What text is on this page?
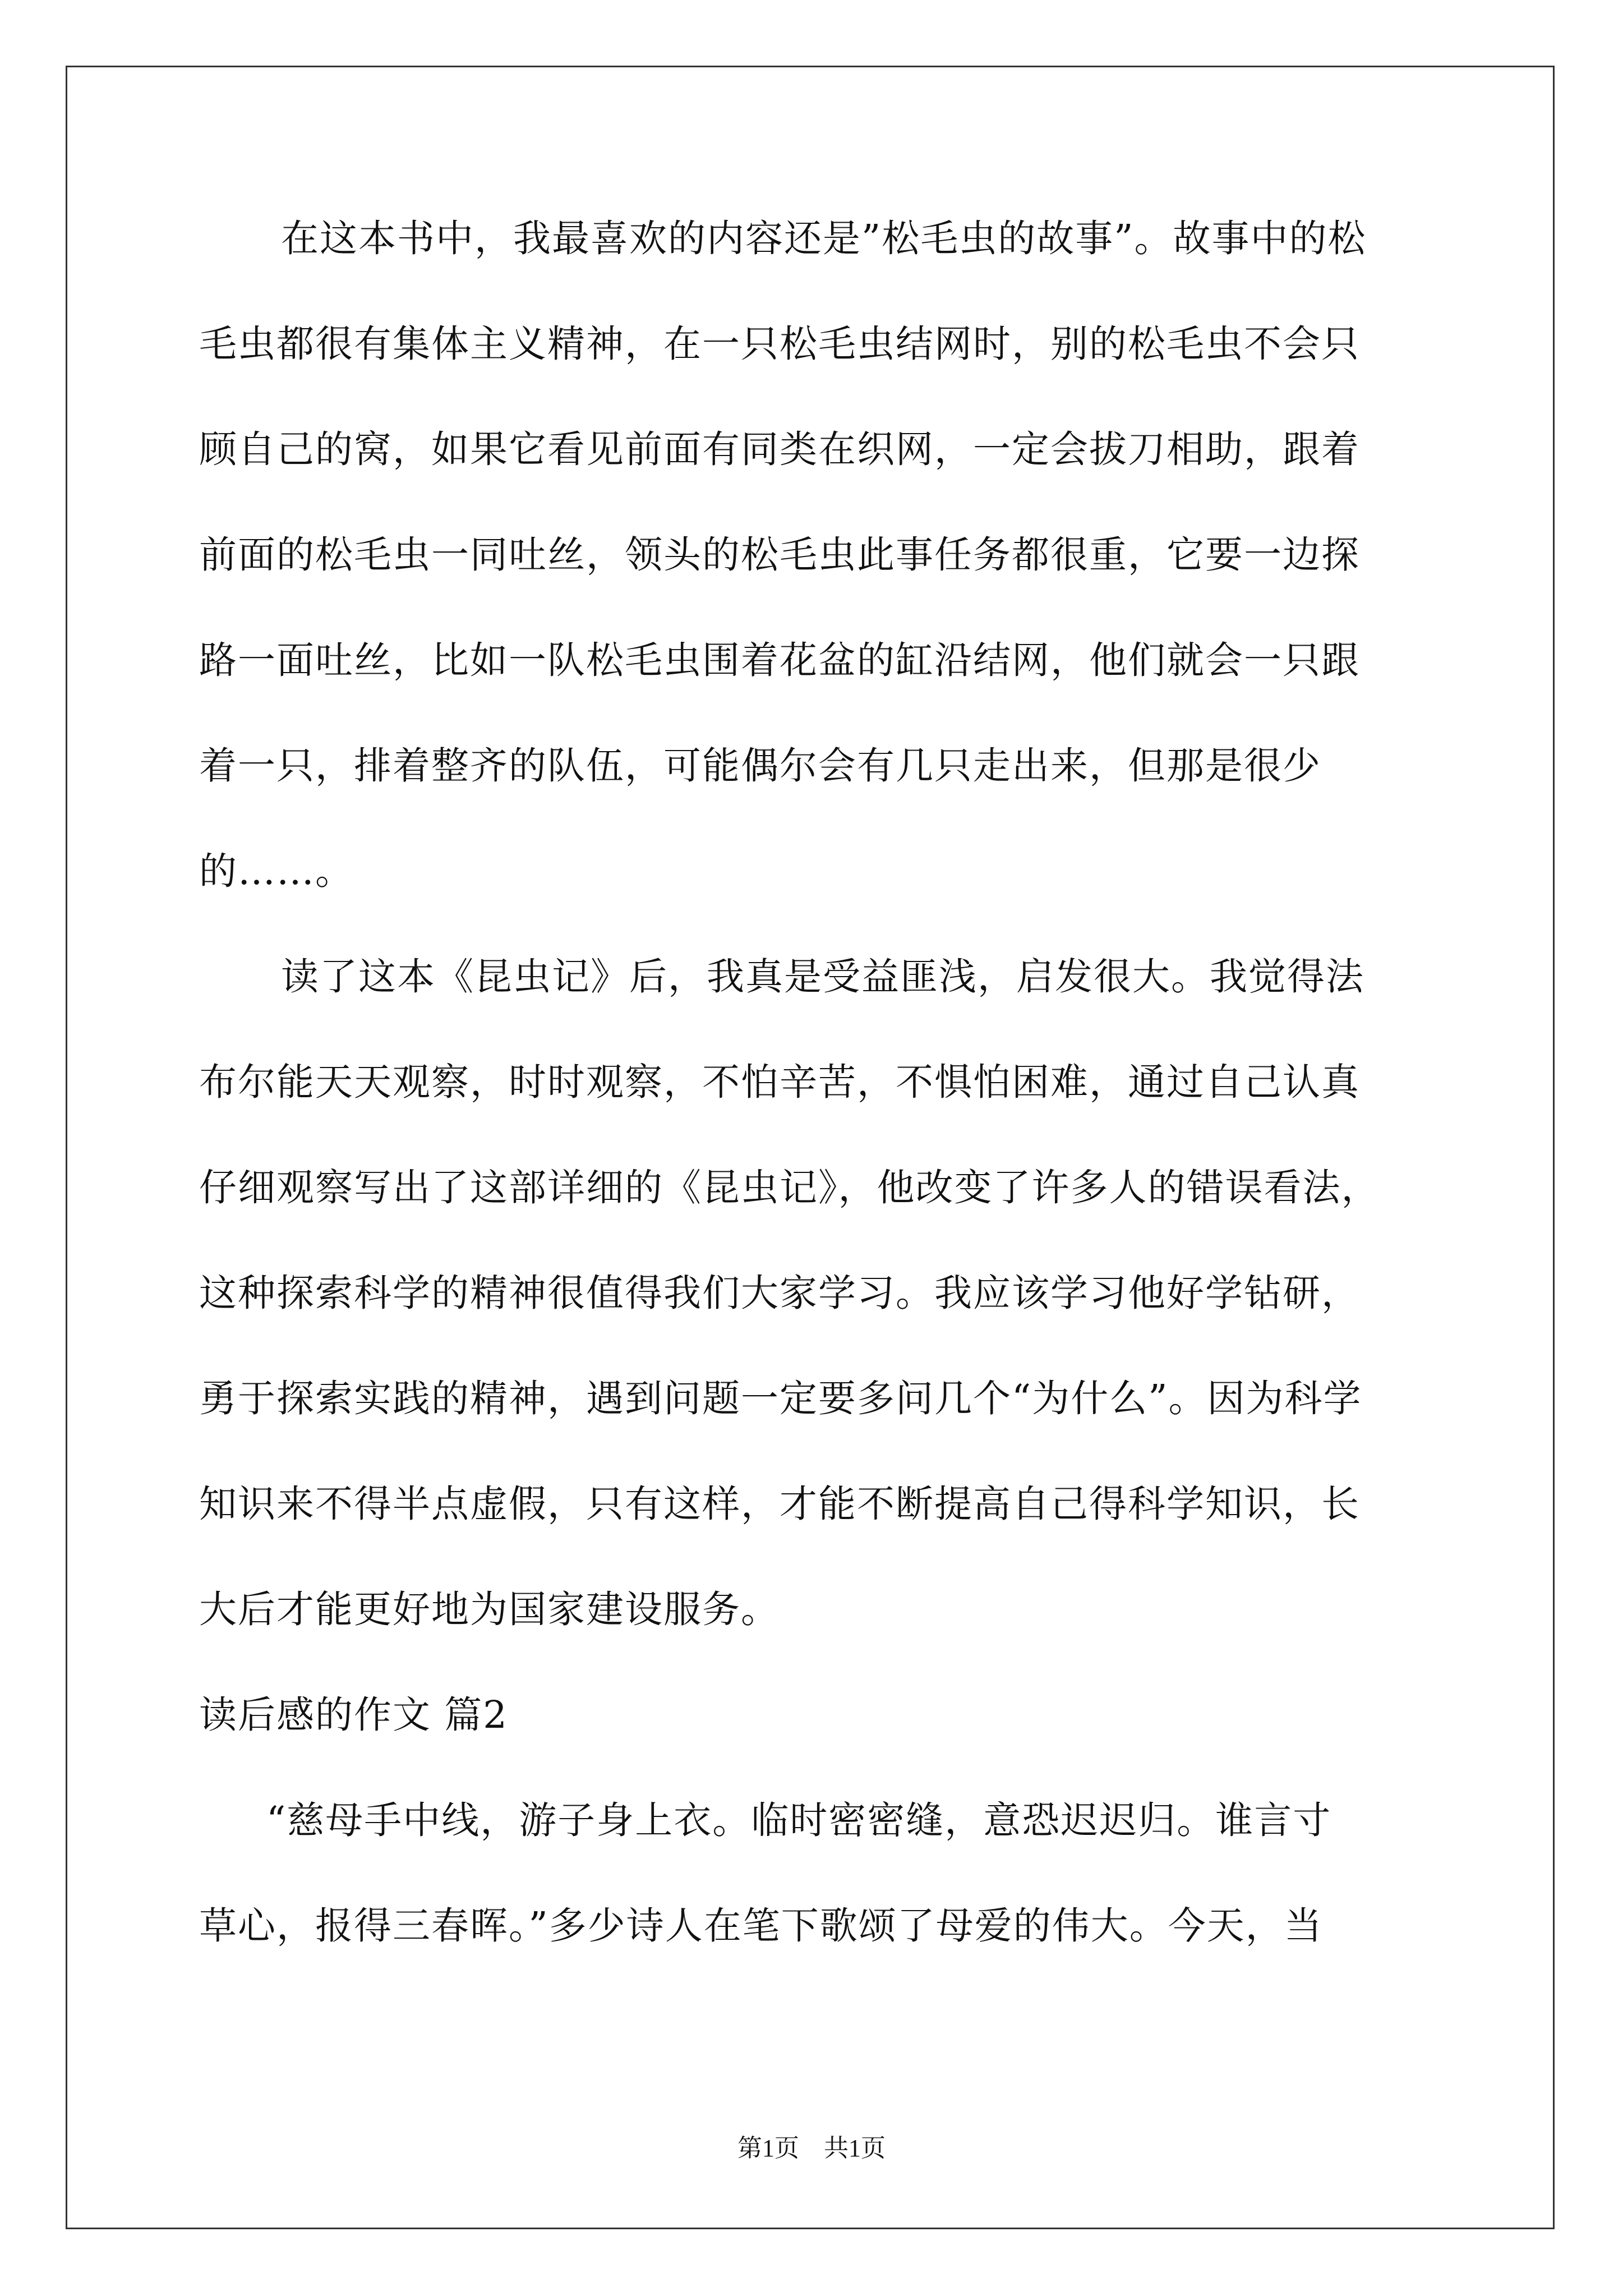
在这本书中，我最喜欢的内容还是”松毛虫的故事”。故事中的松
毛虫都很有集体主义精神，在一只松毛虫结网时，别的松毛虫不会只
顾自己的窝，如果它看见前面有同类在织网，一定会拔刀相助，跟着
前面的松毛虫一同吐丝，领头的松毛虫此事任务都很重，它要一边探
路一面吐丝，比如一队松毛虫围着花盆的缸沿结网，他们就会一只跟
着一只，排着整齐的队伍，可能偶尔会有几只走出来，但那是很少
的……。
读了这本《昆虫记》后，我真是受益匪浅，启发很大。我觉得法
布尔能天天观察，时时观察，不怕辛苦，不惧怕困难，通过自己认真
仔细观察写出了这部详细的《昆虫记》，他改变了许多人的错误看法，
这种探索科学的精神很值得我们大家学习。我应该学习他好学钻研，
勇于探索实践的精神，遇到问题一定要多问几个“为什么”。因为科学
知识来不得半点虚假，只有这样，才能不断提高自己得科学知识，长
大后才能更好地为国家建设服务。
读后感的作文 篇2
“慈母手中线，游子身上衣。临时密密缝，意恐迟迟归。谁言寸
草心，报得三春晖。”多少诗人在笔下歌颂了母爱的伟大。今天，当
第1页　共1页
